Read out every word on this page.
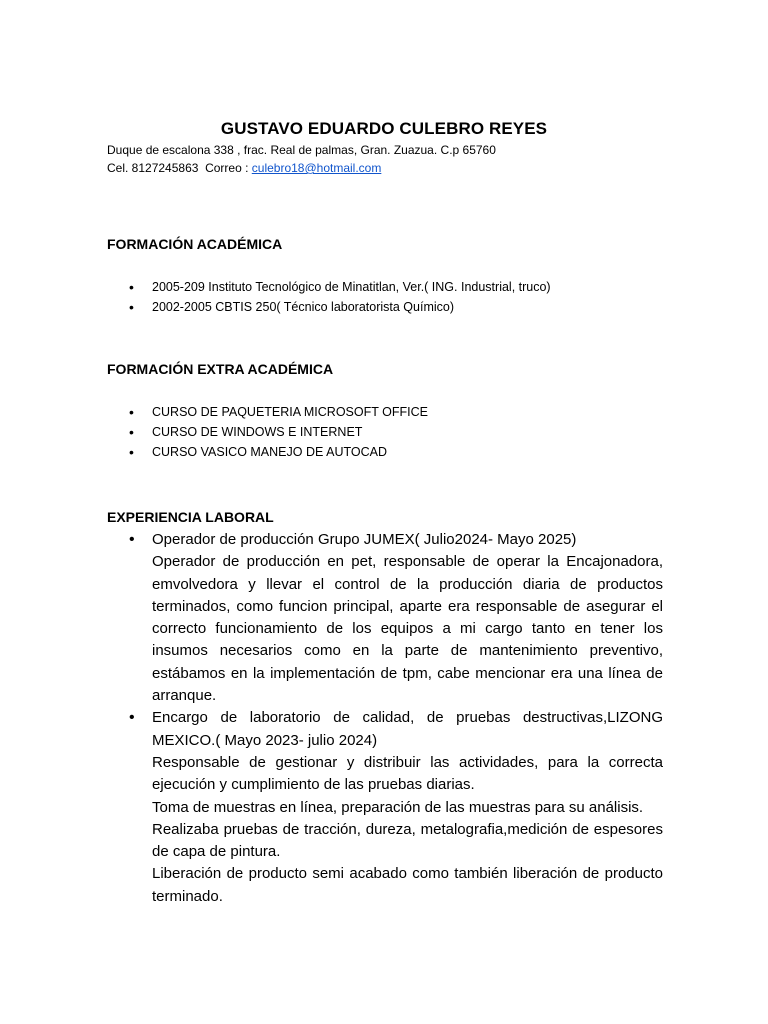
GUSTAVO EDUARDO CULEBRO REYES
Duque de escalona 338 , frac. Real de palmas, Gran. Zuazua. C.p 65760
Cel. 8127245863  Correo : culebro18@hotmail.com
FORMACIÓN ACADÉMICA
• 2005-209 Instituto Tecnológico de Minatitlan, Ver.( ING. Industrial, truco)
• 2002-2005 CBTIS 250( Técnico laboratorista Químico)
FORMACIÓN EXTRA ACADÉMICA
• CURSO DE PAQUETERIA MICROSOFT OFFICE
• CURSO DE WINDOWS E INTERNET
• CURSO VASICO MANEJO DE AUTOCAD
EXPERIENCIA LABORAL
• Operador de producción Grupo JUMEX( Julio2024- Mayo 2025)

Operador de producción en pet, responsable de operar la Encajonadora, emvolvedora y llevar el control de la producción diaria de productos terminados, como funcion principal, aparte era responsable de asegurar el correcto funcionamiento de los equipos a mi cargo tanto en tener los insumos necesarios como en la parte de mantenimiento preventivo, estábamos en la implementación de tpm, cabe mencionar era una línea de arranque.

• Encargo de laboratorio de calidad, de pruebas destructivas,LIZONG MEXICO.( Mayo 2023- julio 2024)

Responsable de gestionar y distribuir las actividades, para la correcta ejecución y cumplimiento de las pruebas diarias.

Toma de muestras en línea, preparación de las muestras para su análisis.

Realizaba pruebas de tracción, dureza, metalografia,medición de espesores de capa de pintura.

Liberación de producto semi acabado como también liberación de producto terminado.
